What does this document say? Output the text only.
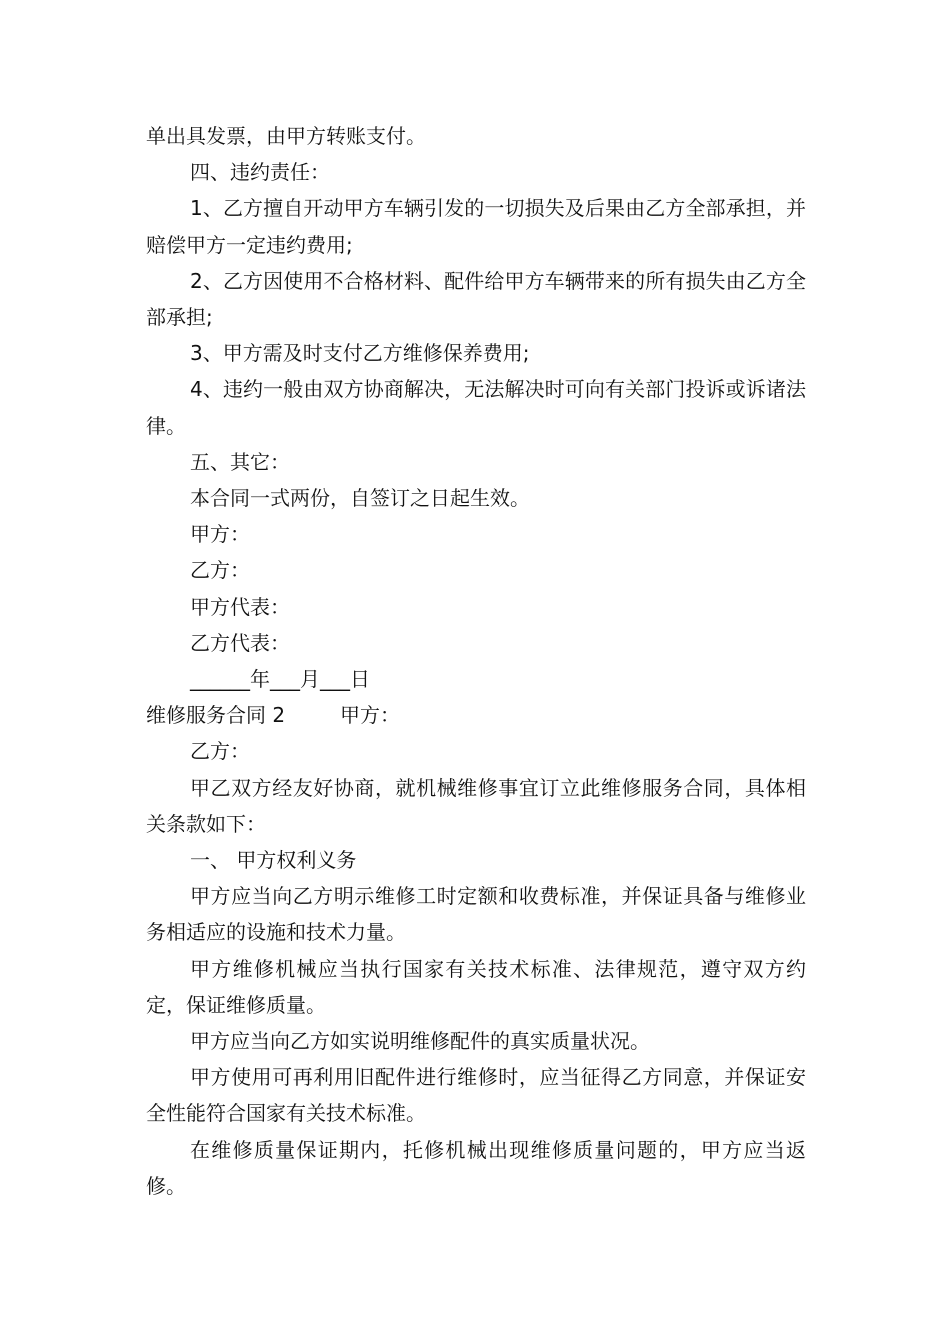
单出具发票，由甲方转账支付。

四、违约责任：

1、乙方擅自开动甲方车辆引发的一切损失及后果由乙方全部承担，并赔偿甲方一定违约费用;

2、乙方因使用不合格材料、配件给甲方车辆带来的所有损失由乙方全部承担;

3、甲方需及时支付乙方维修保养费用;

4、违约一般由双方协商解决，无法解决时可向有关部门投诉或诉诸法律。

五、其它：

本合同一式两份，自签订之日起生效。

甲方：

乙方：

甲方代表：

乙方代表：

______年___月___日

维修服务合同 2	甲方：

乙方：

甲乙双方经友好协商，就机械维修事宜订立此维修服务合同，具体相关条款如下：

一、 甲方权利义务

甲方应当向乙方明示维修工时定额和收费标准，并保证具备与维修业务相适应的设施和技术力量。

甲方维修机械应当执行国家有关技术标准、法律规范，遵守双方约定，保证维修质量。

甲方应当向乙方如实说明维修配件的真实质量状况。

甲方使用可再利用旧配件进行维修时，应当征得乙方同意，并保证安全性能符合国家有关技术标准。

在维修质量保证期内，托修机械出现维修质量问题的，甲方应当返修。
